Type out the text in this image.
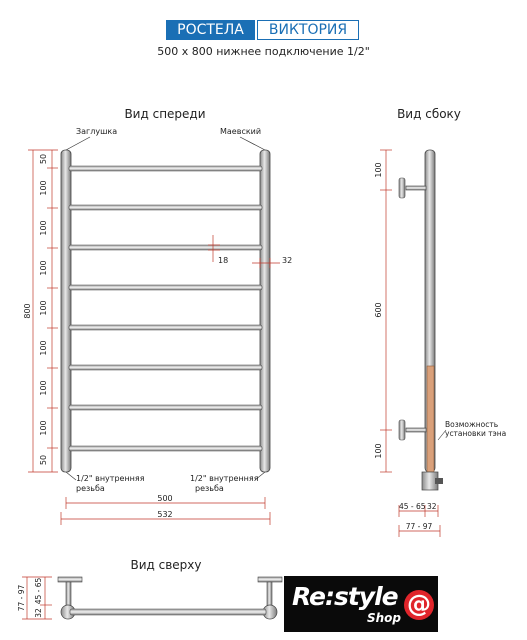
РОСТЕЛА	ВИКТОРИЯ
500 x 800 нижнее подключение 1/2"
Вид спереди
Заглушка	Маевский
800
50
100
100
100
100
100
100
100
50
18	32
1/2" внутренняя
резьба
1/2" внутренняя
резьба
500
532
Вид сбоку
100
600
100
Возможность
установки тэна
45 - 65 32
77 - 97
Вид сверху
77 - 97
32
45 - 65	Re:style @
Shop
